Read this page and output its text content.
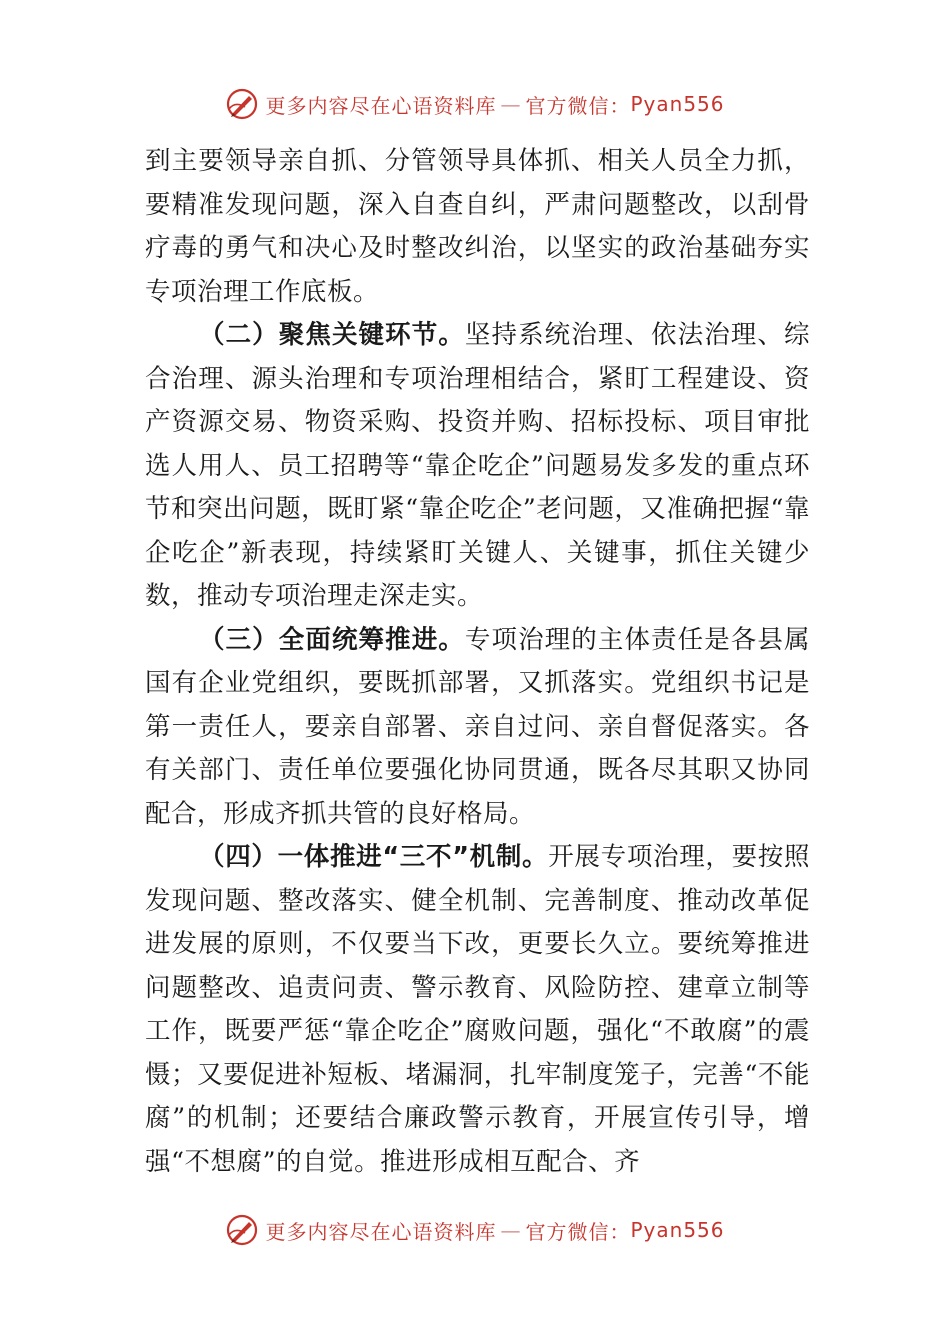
更多内容尽在心语资料库 — 官方微信： Pyan556

到主要领导亲自抓、分管领导具体抓、相关人员全力抓，要精准发现问题，深入自查自纠，严肃问题整改，以刮骨疗毒的勇气和决心及时整改纠治，以坚实的政治基础夯实专项治理工作底板。

（二）聚焦关键环节。坚持系统治理、依法治理、综合治理、源头治理和专项治理相结合，紧盯工程建设、资产资源交易、物资采购、投资并购、招标投标、项目审批选人用人、员工招聘等“靠企吃企”问题易发多发的重点环节和突出问题，既盯紧“靠企吃企”老问题，又准确把握“靠企吃企”新表现，持续紧盯关键人、关键事，抓住关键少数，推动专项治理走深走实。

（三）全面统筹推进。专项治理的主体责任是各县属国有企业党组织，要既抓部署，又抓落实。党组织书记是第一责任人，要亲自部署、亲自过问、亲自督促落实。各有关部门、责任单位要强化协同贯通，既各尽其职又协同配合，形成齐抓共管的良好格局。

（四）一体推进“三不”机制。开展专项治理，要按照发现问题、整改落实、健全机制、完善制度、推动改革促进发展的原则，不仅要当下改，更要长久立。要统筹推进问题整改、追责问责、警示教育、风险防控、建章立制等工作，既要严惩“靠企吃企”腐败问题，强化“不敢腐”的震慑；又要促进补短板、堵漏洞，扎牢制度笼子，完善“不能腐”的机制；还要结合廉政警示教育，开展宣传引导，增强“不想腐”的自觉。推进形成相互配合、齐

更多内容尽在心语资料库 — 官方微信： Pyan556
